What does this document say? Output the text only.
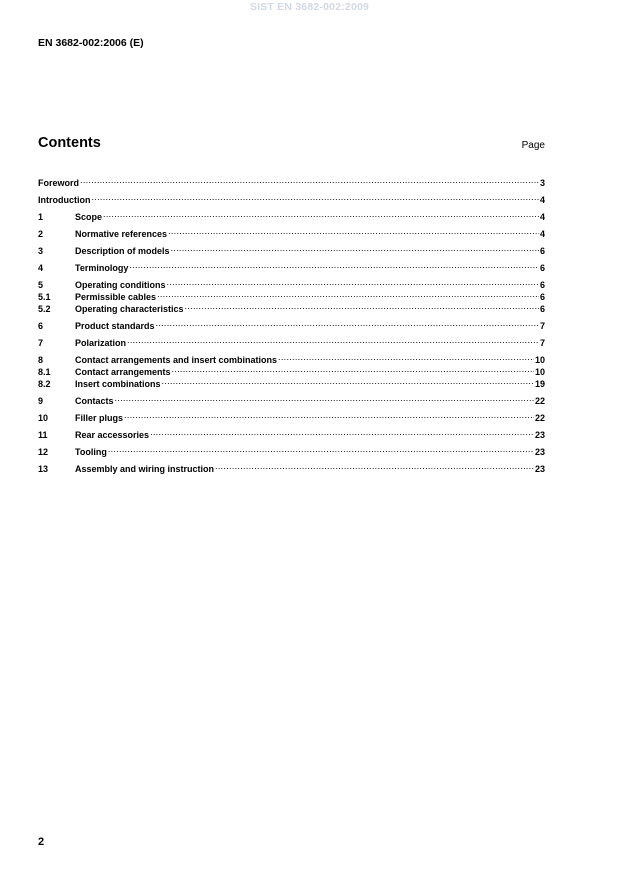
SIST EN 3682-002:2009
EN 3682-002:2006 (E)
Contents	Page
Foreword .....	3
Introduction .....	4
1	Scope .....	4
2	Normative references .....	4
3	Description of models .....	6
4	Terminology .....	6
5	Operating conditions .....	6
5.1	Permissible cables .....	6
5.2	Operating characteristics .....	6
6	Product standards .....	7
7	Polarization .....	7
8	Contact arrangements and insert combinations .....	10
8.1	Contact arrangements .....	10
8.2	Insert combinations .....	19
9	Contacts .....	22
10	Filler plugs .....	22
11	Rear accessories .....	23
12	Tooling .....	23
13	Assembly and wiring instruction .....	23
2
